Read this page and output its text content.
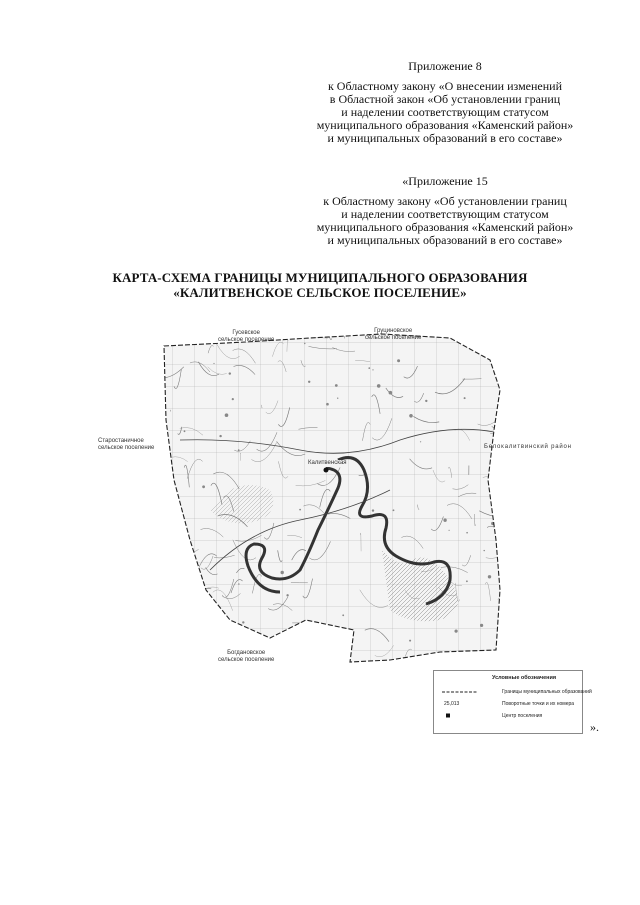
Приложение 8
к Областному закону «О внесении изменений
в Областной закон «Об установлении границ
и наделении соответствующим статусом
муниципального образования «Каменский район»
и муниципальных образований в его составе»
«Приложение 15
к Областному закону «Об установлении границ
и наделении соответствующим статусом
муниципального образования «Каменский район»
и муниципальных образований в его составе»
КАРТА-СХЕМА ГРАНИЦЫ МУНИЦИПАЛЬНОГО ОБРАЗОВАНИЯ
«КАЛИТВЕНСКОЕ СЕЛЬСКОЕ ПОСЕЛЕНИЕ»
Гусевское
сельское поселение
Груциновское
сельское поселение
Старостаничное
сельское поселение	Белокалитвинский район
Богдановское
сельское поселение
Калитвенская
Условные обозначения
Границы муниципальных образований
25,013	Поворотные точки и их номера
Центр поселения
».
